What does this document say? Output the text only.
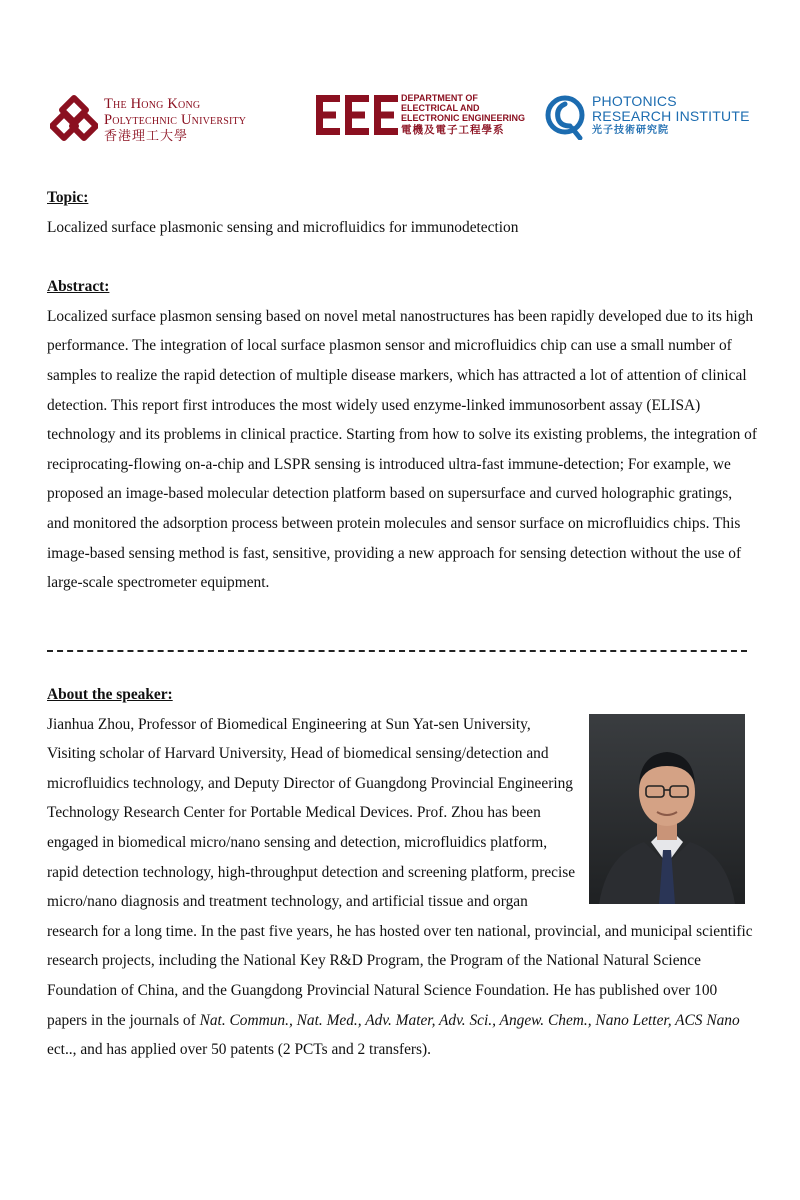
The Hong Kong
Polytechnic University
香港理工大學
DEPARTMENT OF
ELECTRICAL AND
ELECTRONIC ENGINEERING
電機及電子工程學系
PHOTONICS
RESEARCH INSTITUTE
光子技術研究院

Topic:

Localized surface plasmonic sensing and microfluidics for immunodetection

Abstract:

Localized surface plasmon sensing based on novel metal nanostructures has been rapidly developed due to its high performance. The integration of local surface plasmon sensor and microfluidics chip can use a small number of samples to realize the rapid detection of multiple disease markers, which has attracted a lot of attention of clinical detection. This report first introduces the most widely used enzyme-linked immunosorbent assay (ELISA) technology and its problems in clinical practice. Starting from how to solve its existing problems, the integration of reciprocating-flowing on-a-chip and LSPR sensing is introduced ultra-fast immune-detection; For example, we proposed an image-based molecular detection platform based on supersurface and curved holographic gratings, and monitored the adsorption process between protein molecules and sensor surface on microfluidics chips. This image-based sensing method is fast, sensitive, providing a new approach for sensing detection without the use of large-scale spectrometer equipment.

About the speaker:

Jianhua Zhou, Professor of Biomedical Engineering at Sun Yat-sen University, Visiting scholar of Harvard University, Head of biomedical sensing/detection and microfluidics technology, and Deputy Director of Guangdong Provincial Engineering Technology Research Center for Portable Medical Devices. Prof. Zhou has been engaged in biomedical micro/nano sensing and detection, microfluidics platform, rapid detection technology, high-throughput detection and screening platform, precise micro/nano diagnosis and treatment technology, and artificial tissue and organ research for a long time. In the past five years, he has hosted over ten national, provincial, and municipal scientific research projects, including the National Key R&D Program, the Program of the National Natural Science Foundation of China, and the Guangdong Provincial Natural Science Foundation. He has published over 100 papers in the journals of Nat. Commun., Nat. Med., Adv. Mater, Adv. Sci., Angew. Chem., Nano Letter, ACS Nano ect.., and has applied over 50 patents (2 PCTs and 2 transfers).
